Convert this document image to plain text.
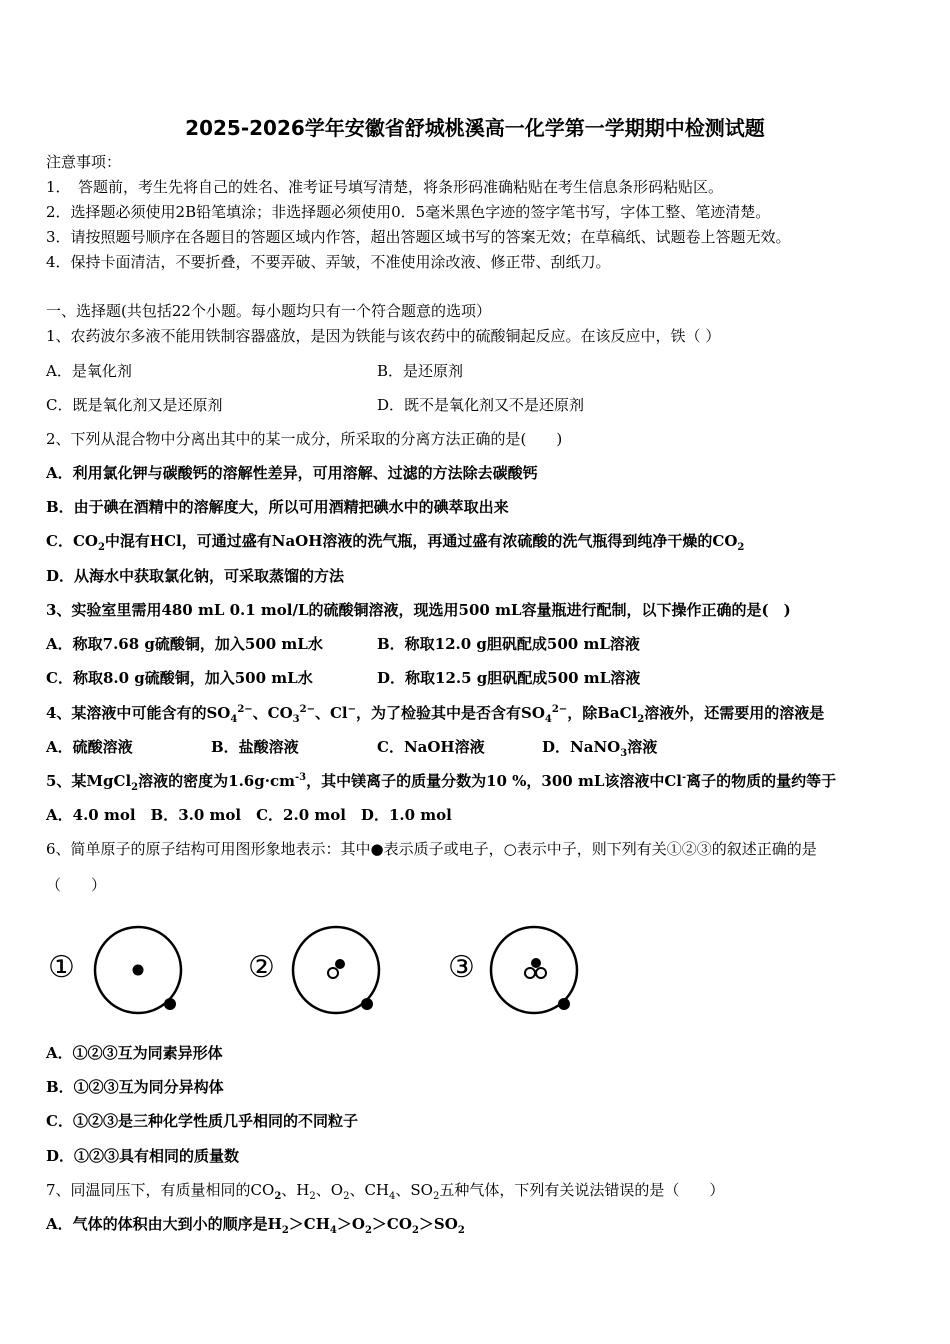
2025-2026学年安徽省舒城桃溪高一化学第一学期期中检测试题
注意事项：
1．　答题前，考生先将自己的姓名、准考证号填写清楚，将条形码准确粘贴在考生信息条形码粘贴区。
2．选择题必须使用2B铅笔填涂；非选择题必须使用0．5毫米黑色字迹的签字笔书写，字体工整、笔迹清楚。
3．请按照题号顺序在各题目的答题区域内作答，超出答题区域书写的答案无效；在草稿纸、试题卷上答题无效。
4．保持卡面清洁，不要折叠，不要弄破、弄皱，不准使用涂改液、修正带、刮纸刀。
一、选择题(共包括22个小题。每小题均只有一个符合题意的选项）
1、农药波尔多液不能用铁制容器盛放，是因为铁能与该农药中的硫酸铜起反应。在该反应中，铁（ ）
A．是氧化剂	B．是还原剂
C．既是氧化剂又是还原剂	D．既不是氧化剂又不是还原剂
2、下列从混合物中分离出其中的某一成分，所采取的分离方法正确的是(　　)
A．利用氯化钾与碳酸钙的溶解性差异，可用溶解、过滤的方法除去碳酸钙
B．由于碘在酒精中的溶解度大，所以可用酒精把碘水中的碘萃取出来
C．$CO_2$中混有HCl，可通过盛有NaOH溶液的洗气瓶，再通过盛有浓硫酸的洗气瓶得到纯净干燥的$CO_2$
D．从海水中获取氯化钠，可采取蒸馏的方法
3、实验室里需用480 mL 0.1 mol/L的硫酸铜溶液，现选用500 mL容量瓶进行配制，以下操作正确的是(　)
A．称取7.68 g硫酸铜，加入500 mL水	B．称取12.0 g胆矾配成500 mL溶液
C．称取8.0 g硫酸铜，加入500 mL水	D．称取12.5 g胆矾配成500 mL溶液
4、某溶液中可能含有的$SO_4^{2-}$、$CO_3^{2-}$、Cl−，为了检验其中是否含有$SO_4^{2-}$，除BaCl$_2$溶液外，还需要用的溶液是
A．硫酸溶液	B．盐酸溶液	C．NaOH溶液	D．NaNO$_3$溶液
5、某MgCl$_2$溶液的密度为$1.6g\cdot cm^{-3}$，其中镁离子的质量分数为10 %，300 mL该溶液中Cl-离子的物质的量约等于
A．4.0 mol　B．3.0 mol　C．2.0 mol　D．1.0 mol
6、简单原子的原子结构可用图形象地表示：其中●表示质子或电子，○表示中子，则下列有关①②③的叙述正确的是
（　　）
①	②	③
A．①②③互为同素异形体
B．①②③互为同分异构体
C．①②③是三种化学性质几乎相同的不同粒子
D．①②③具有相同的质量数
7、同温同压下，有质量相同的$CO_2$、$H_2$、$O_2$、$CH_4$、$SO_2$五种气体，下列有关说法错误的是（　　）
A．气体的体积由大到小的顺序是$H_2>CH_4>O_2>CO_2>SO_2$
